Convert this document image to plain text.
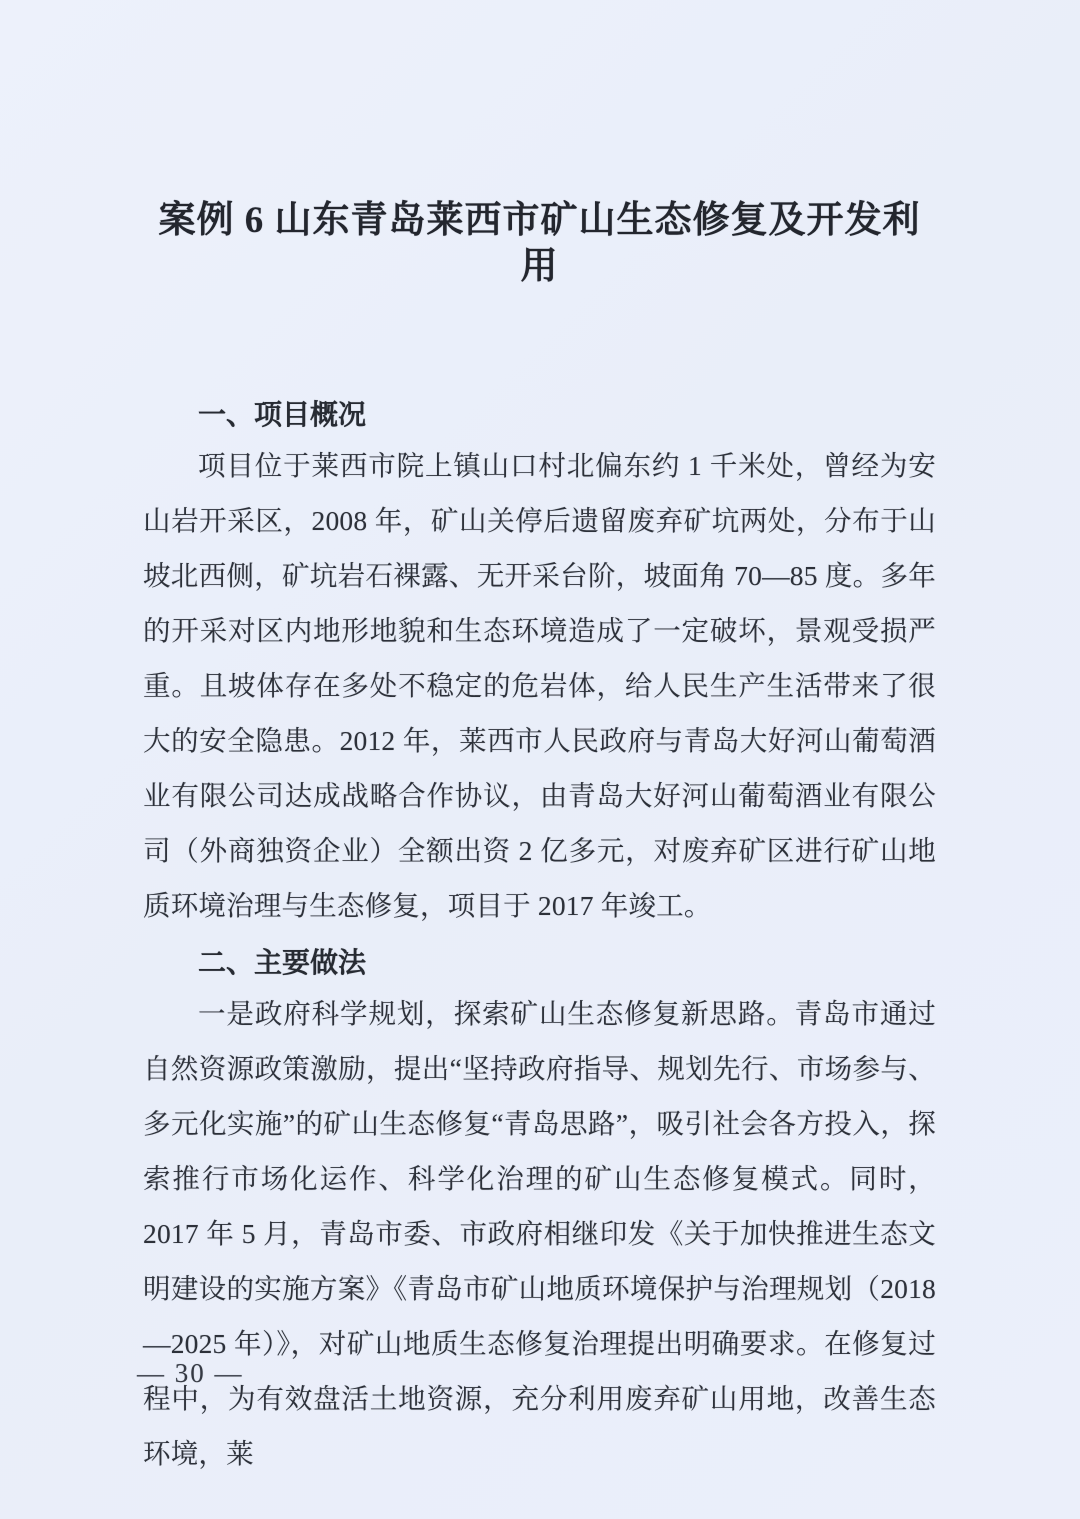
案例 6 山东青岛莱西市矿山生态修复及开发利用
一、项目概况

项目位于莱西市院上镇山口村北偏东约 1 千米处，曾经为安山岩开采区，2008 年，矿山关停后遗留废弃矿坑两处，分布于山坡北西侧，矿坑岩石裸露、无开采台阶，坡面角 70—85 度。多年的开采对区内地形地貌和生态环境造成了一定破坏，景观受损严重。且坡体存在多处不稳定的危岩体，给人民生产生活带来了很大的安全隐患。2012 年，莱西市人民政府与青岛大好河山葡萄酒业有限公司达成战略合作协议，由青岛大好河山葡萄酒业有限公司（外商独资企业）全额出资 2 亿多元，对废弃矿区进行矿山地质环境治理与生态修复，项目于 2017 年竣工。

二、主要做法

一是政府科学规划，探索矿山生态修复新思路。青岛市通过自然资源政策激励，提出“坚持政府指导、规划先行、市场参与、多元化实施”的矿山生态修复“青岛思路”，吸引社会各方投入，探索推行市场化运作、科学化治理的矿山生态修复模式。同时，2017 年 5 月，青岛市委、市政府相继印发《关于加快推进生态文明建设的实施方案》《青岛市矿山地质环境保护与治理规划（2018—2025 年）》，对矿山地质生态修复治理提出明确要求。在修复过程中，为有效盘活土地资源，充分利用废弃矿山用地，改善生态环境，莱

— 30 —
